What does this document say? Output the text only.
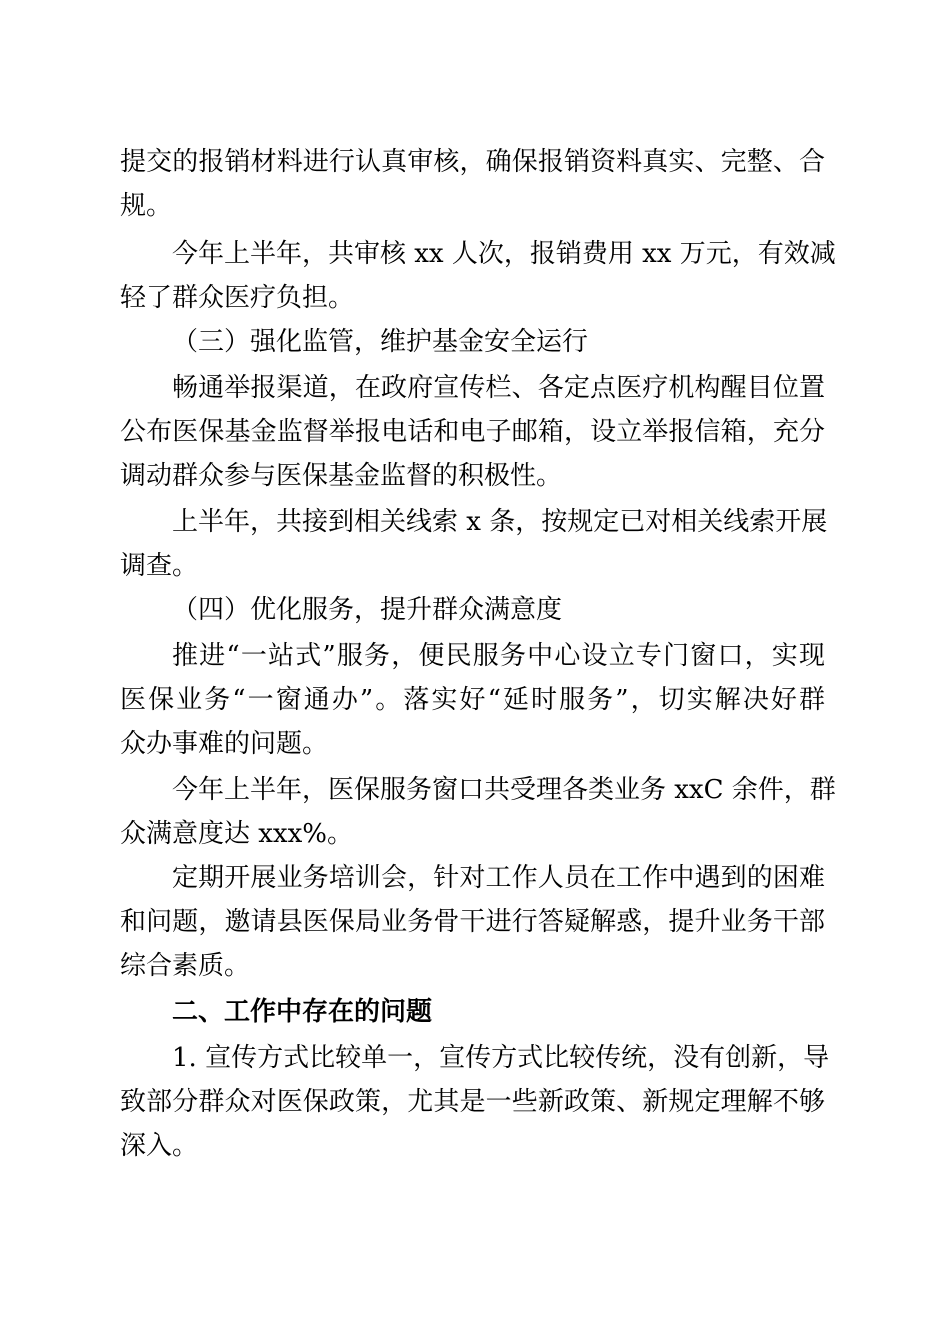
提交的报销材料进行认真审核，确保报销资料真实、完整、合
规。
今年上半年，共审核 xx 人次，报销费用 xx 万元，有效减
轻了群众医疗负担。
（三）强化监管，维护基金安全运行
畅通举报渠道，在政府宣传栏、各定点医疗机构醒目位置
公布医保基金监督举报电话和电子邮箱，设立举报信箱，充分
调动群众参与医保基金监督的积极性。
上半年，共接到相关线索 x 条，按规定已对相关线索开展
调查。
（四）优化服务，提升群众满意度
推进“一站式”服务，便民服务中心设立专门窗口，实现
医保业务“一窗通办”。落实好“延时服务”，切实解决好群
众办事难的问题。
今年上半年，医保服务窗口共受理各类业务 xxC 余件，群
众满意度达 xxx%。
定期开展业务培训会，针对工作人员在工作中遇到的困难
和问题，邀请县医保局业务骨干进行答疑解惑，提升业务干部
综合素质。
二、工作中存在的问题
1. 宣传方式比较单一，宣传方式比较传统，没有创新，导
致部分群众对医保政策，尤其是一些新政策、新规定理解不够
深入。
